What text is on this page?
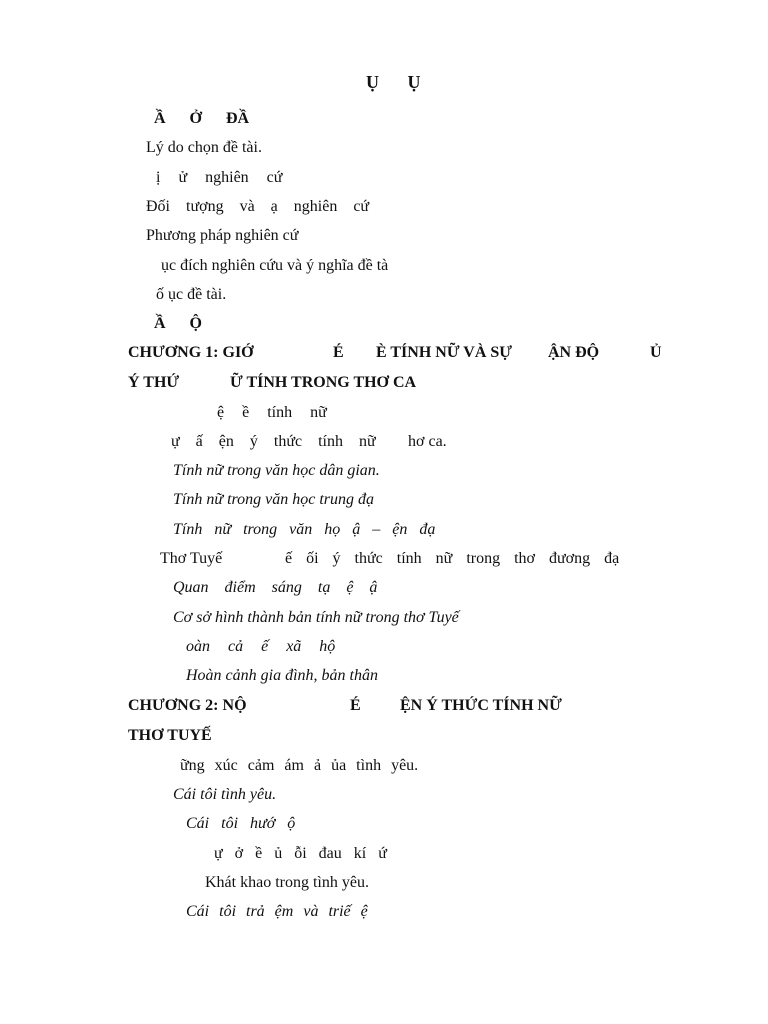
Ụ Ụ
Ầ Ở ĐẦ
Lý do chọn đề tài.
ị ử nghiên cứ
Đối tượng và ạ nghiên cứ
Phương pháp nghiên cứ
ục đích nghiên cứu và ý nghĩa đề tà
ố ục đề tài.
Ầ Ộ
CHƯƠNG 1: GIỚ	É È TÍNH NỮ VÀ SỰ ẬN ĐỘ	Ủ
Ý THỨ	Ữ TÍNH TRONG THƠ CA
ệ ề tính nữ
ự ấ ện ý thức tính nữ hơ ca.
Tính nữ trong văn học dân gian.
Tính nữ trong văn học trung đạ
Tính nữ trong văn họ ậ – ện đạ
Thơ Tuyế	ế ối ý thức tính nữ trong thơ đương đạ
Quan điểm sáng tạ ệ ậ
Cơ sở hình thành bản tính nữ trong thơ Tuyế
oàn cả ế xã hộ
Hoàn cảnh gia đình, bản thân
CHƯƠNG 2: NỘ	É ỆN Ý THỨC TÍNH NỮ
THƠ TUYẾ
ững xúc cảm ám ả ủa tình yêu.
Cái tôi tình yêu.
Cái tôi hướ ộ
ự ở ề ủ ỗi đau kí ứ
Khát khao trong tình yêu.
Cái tôi trả ệm và triế ệ
